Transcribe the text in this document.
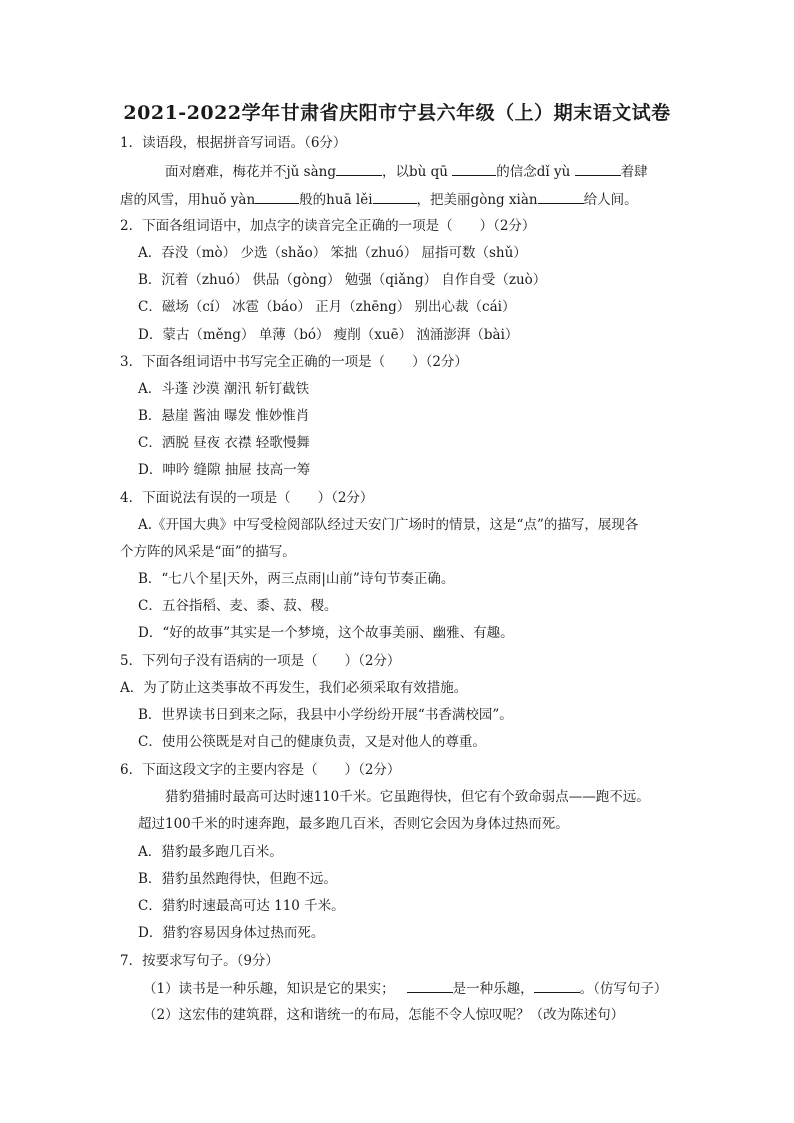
2021-2022学年甘肃省庆阳市宁县六年级（上）期末语文试卷
1．读语段，根据拼音写词语。（6分）
面对磨难，梅花并不jǔ sàng	，以bù qū	的信念dǐ yù	着肆
虐的风雪，用huǒ yàn	般的huā lěi	，把美丽gòng xiàn	给人间。
2．下面各组词语中，加点字的读音完全正确的一项是（　　）（2分）
A．吞没（mò） 少选（shǎo） 笨拙（zhuó） 屈指可数（shǔ）
B．沉着（zhuó） 供品（gòng） 勉强（qiǎng） 自作自受（zuò）
C．磁场（cí） 冰雹（báo） 正月（zhēng） 别出心裁（cái）
D．蒙古（měng） 单薄（bó） 瘦削（xuē） 汹涌澎湃（bài）
3．下面各组词语中书写完全正确的一项是（　　）（2分）
A．斗蓬 沙漠 潮汛 斩钉截铁
B．悬崖 酱油 曝发 惟妙惟肖
C．洒脱 昼夜 衣襟 轻歌慢舞
D．呻吟 缝隙 抽屉 技高一筹
4．下面说法有误的一项是（　　）（2分）
A.《开国大典》中写受检阅部队经过天安门广场时的情景，这是“点”的描写，展现各
个方阵的风采是“面”的描写。
B．“七八个星|天外，两三点雨|山前”诗句节奏正确。
C．五谷指稻、麦、黍、菽、稷。
D．“好的故事”其实是一个梦境，这个故事美丽、幽雅、有趣。
5．下列句子没有语病的一项是（　　）（2分）
A．为了防止这类事故不再发生，我们必须采取有效措施。
B．世界读书日到来之际，我县中小学纷纷开展“书香满校园”。
C．使用公筷既是对自己的健康负责，又是对他人的尊重。
6．下面这段文字的主要内容是（　　）（2分）
猎豹猎捕时最高可达时速110千米。它虽跑得快，但它有个致命弱点——跑不远。
超过100千米的时速奔跑，最多跑几百米，否则它会因为身体过热而死。
A．猎豹最多跑几百米。
B．猎豹虽然跑得快，但跑不远。
C．猎豹时速最高可达 110 千米。
D．猎豹容易因身体过热而死。
7．按要求写句子。（9分）
（1）读书是一种乐趣，知识是它的果实；	是一种乐趣，	。（仿写句子）
（2）这宏伟的建筑群，这和谐统一的布局，怎能不令人惊叹呢？（改为陈述句）
